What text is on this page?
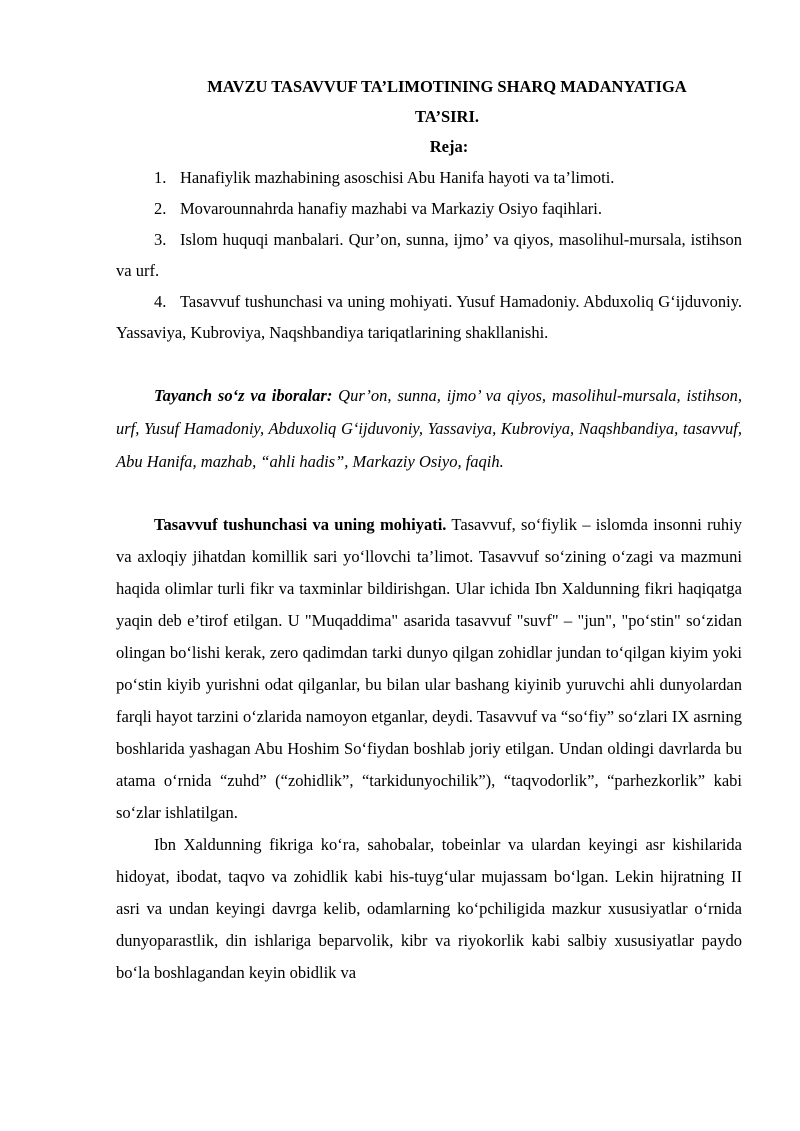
MAVZU TASAVVUF TA’LIMOTINING SHARQ MADANYATIGA
TA’SIRI.
Reja:
1. Hanafiylik mazhabining asoschisi Abu Hanifa hayoti va ta’limoti.
2. Movarounnahrda hanafiy mazhabi va Markaziy Osiyo faqihlari.
3. Islom huquqi manbalari. Qur’on, sunna, ijmo’ va qiyos, masolihul-mursala, istihson va urf.
4. Tasavvuf tushunchasi va uning mohiyati. Yusuf Hamadoniy. Abduxoliq G‘ijduvoniy. Yassaviya, Kubroviya, Naqshbandiya tariqatlarining shakllanishi.

Tayanch so‘z va iboralar: Qur’on, sunna, ijmo’ va qiyos, masolihul-mursala, istihson, urf, Yusuf Hamadoniy, Abduxoliq G‘ijduvoniy, Yassaviya, Kubroviya, Naqshbandiya, tasavvuf, Abu Hanifa, mazhab, “ahli hadis”, Markaziy Osiyo, faqih.

Tasavvuf tushunchasi va uning mohiyati. Tasavvuf, so‘fiylik – islomda insonni ruhiy va axloqiy jihatdan komillik sari yo‘llovchi ta’limot. Tasavvuf so‘zining o‘zagi va mazmuni haqida olimlar turli fikr va taxminlar bildirishgan. Ular ichida Ibn Xaldunning fikri haqiqatga yaqin deb e’tirof etilgan. U "Muqaddima" asarida tasavvuf "suvf" – "jun", "po‘stin" so‘zidan olingan bo‘lishi kerak, zero qadimdan tarki dunyo qilgan zohidlar jundan to‘qilgan kiyim yoki po‘stin kiyib yurishni odat qilganlar, bu bilan ular bashang kiyinib yuruvchi ahli dunyolardan farqli hayot tarzini o‘zlarida namoyon etganlar, deydi. Tasavvuf va “so‘fiy” so‘zlari IX asrning boshlarida yashagan Abu Hoshim So‘fiydan boshlab joriy etilgan. Undan oldingi davrlarda bu atama o‘rnida “zuhd” (“zohidlik”, “tarkidunyochilik”), “taqvodorlik”, “parhezkorlik” kabi so‘zlar ishlatilgan.

Ibn Xaldunning fikriga ko‘ra, sahobalar, tobeinlar va ulardan keyingi asr kishilarida hidoyat, ibodat, taqvo va zohidlik kabi his-tuyg‘ular mujassam bo‘lgan. Lekin hijratning II asri va undan keyingi davrga kelib, odamlarning ko‘pchiligida mazkur xususiyatlar o‘rnida dunyoparastlik, din ishlariga beparvolik, kibr va riyokorlik kabi salbiy xususiyatlar paydo bo‘la boshlagandan keyin obidlik va
